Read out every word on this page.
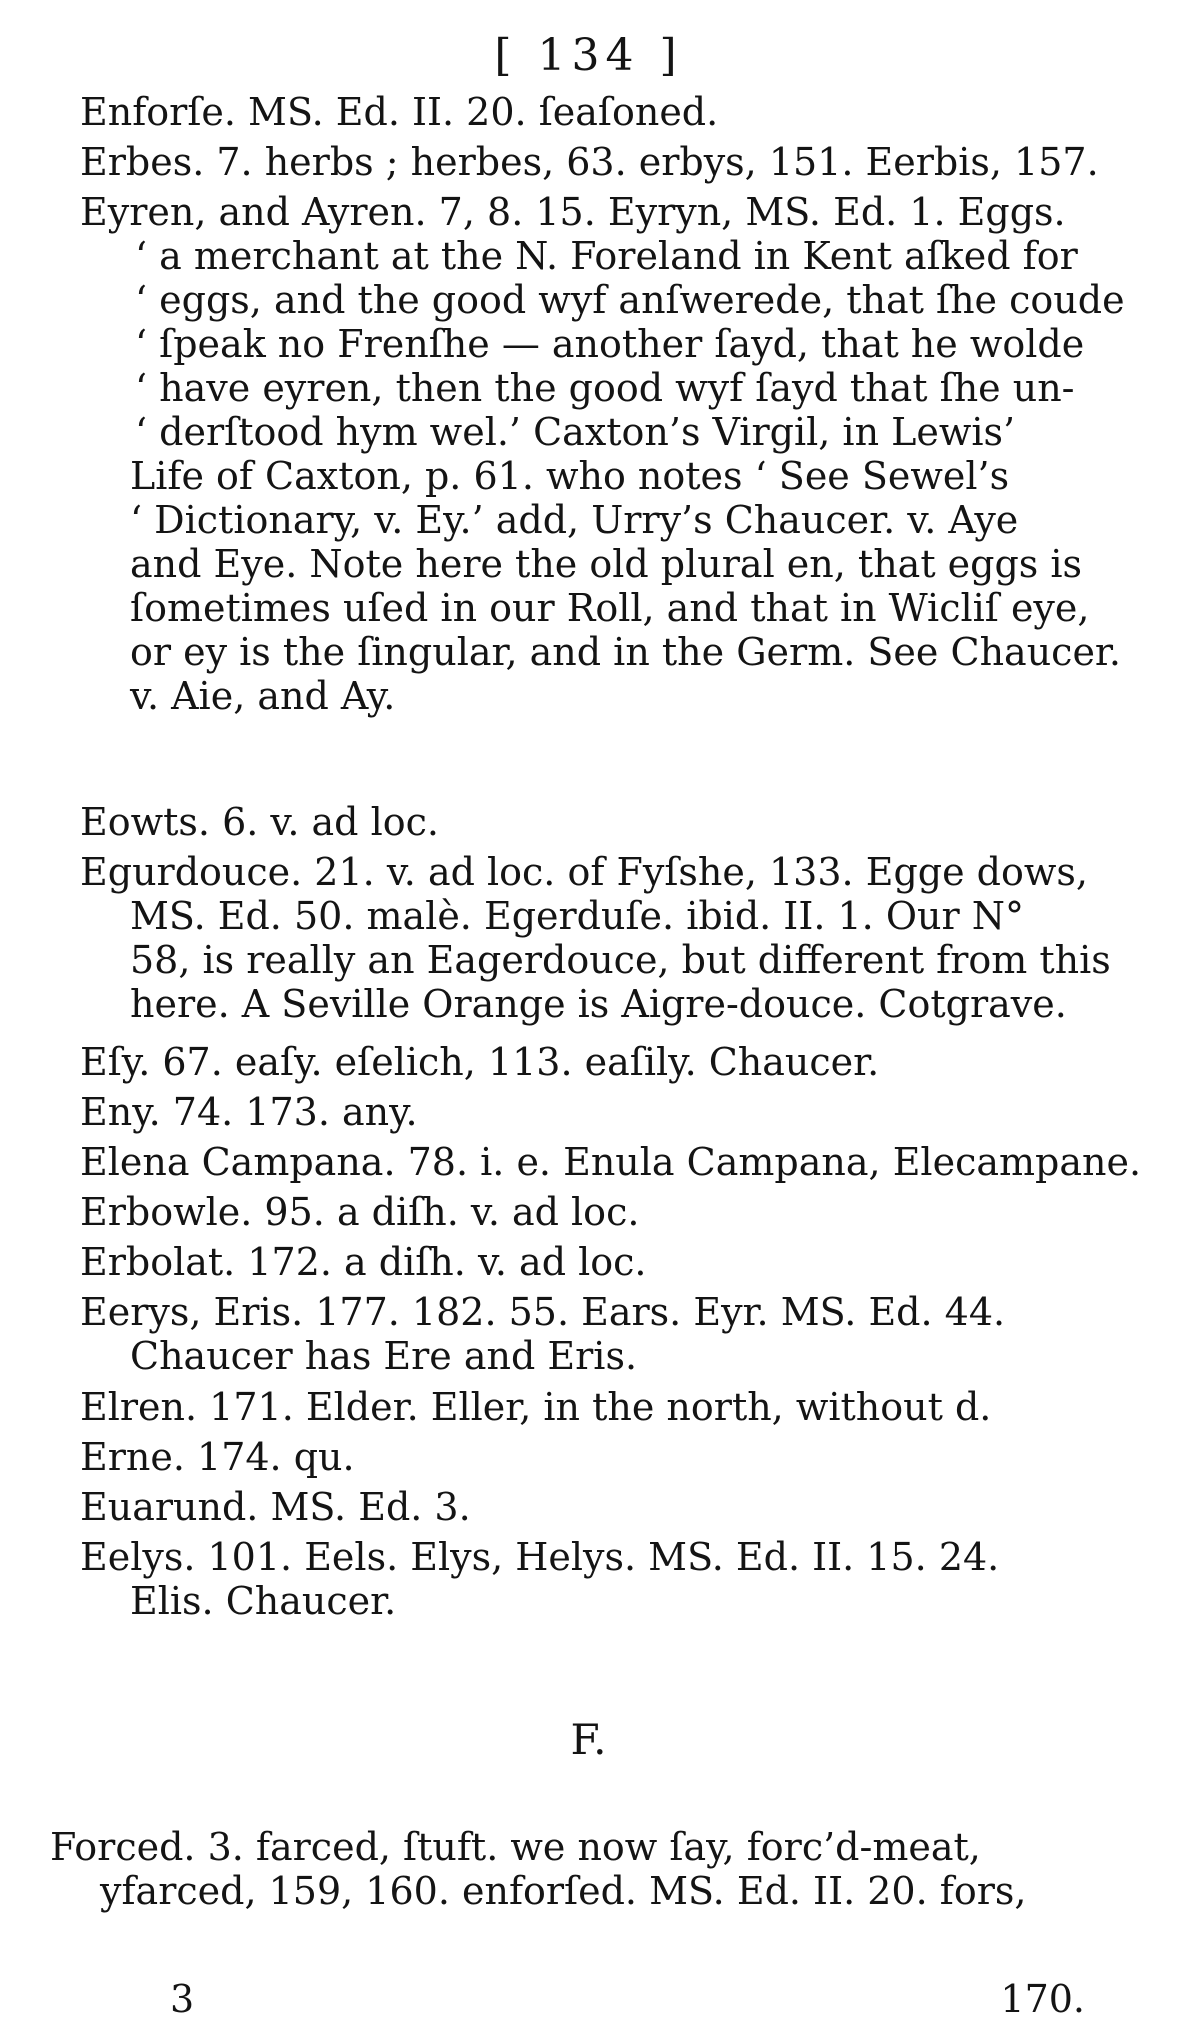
[ 134 ]
Enforſe. MS. Ed. II. 20. ſeaſoned.
Erbes. 7. herbs ; herbes, 63. erbys, 151. Eerbis, 157.
Eyren, and Ayren. 7, 8. 15. Eyryn, MS. Ed. 1. Eggs.
‘ a merchant at the N. Foreland in Kent aſked for
‘ eggs, and the good wyf anſwerede, that ſhe coude
‘ ſpeak no Frenſhe — another ſayd, that he wolde
‘ have eyren, then the good wyf ſayd that ſhe un-
‘ derſtood hym wel.’ Caxton’s Virgil, in Lewis’
Life of Caxton, p. 61. who notes ‘ See Sewel’s
‘ Dictionary, v. Ey.’ add, Urry’s Chaucer. v. Aye
and Eye. Note here the old plural en, that eggs is
ſometimes uſed in our Roll, and that in Wicliſ eye,
or ey is the ſingular, and in the Germ. See Chaucer.
v. Aie, and Ay.
Eowts. 6. v. ad loc.
Egurdouce. 21. v. ad loc. of Fyſshe, 133. Egge dows,
MS. Ed. 50. malè. Egerduſe. ibid. II. 1. Our N°
58, is really an Eagerdouce, but different from this
here. A Seville Orange is Aigre-douce. Cotgrave.
Eſy. 67. eaſy. eſelich, 113. eaſily. Chaucer.
Eny. 74. 173. any.
Elena Campana. 78. i. e. Enula Campana, Elecampane.
Erbowle. 95. a diſh. v. ad loc.
Erbolat. 172. a diſh. v. ad loc.
Eerys, Eris. 177. 182. 55. Ears. Eyr. MS. Ed. 44.
Chaucer has Ere and Eris.
Elren. 171. Elder. Eller, in the north, without d.
Erne. 174. qu.
Euarund. MS. Ed. 3.
Eelys. 101. Eels. Elys, Helys. MS. Ed. II. 15. 24.
Elis. Chaucer.
F.
Forced. 3. farced, ſtuft. we now ſay, forc’d-meat,
yfarced, 159, 160. enforſed. MS. Ed. II. 20. fors,
3	170.
